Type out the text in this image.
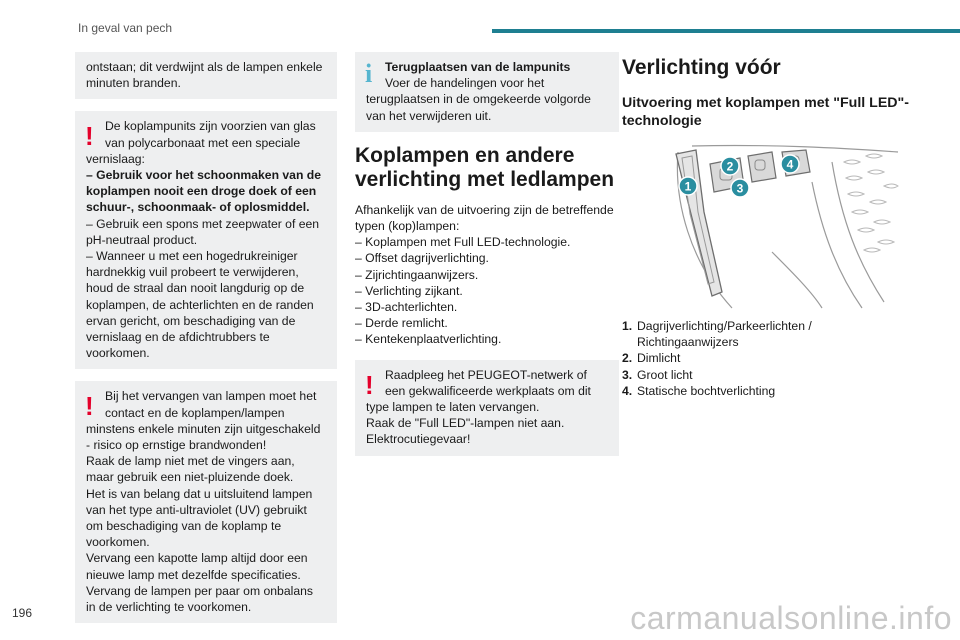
In geval van pech

ontstaan; dit verdwijnt als de lampen enkele minuten branden.

! De koplampunits zijn voorzien van glas

van polycarbonaat met een speciale

vernislaag:

– Gebruik voor het schoonmaken van de koplampen nooit een droge doek of een schuur-, schoonmaak- of oplosmiddel.

– Gebruik een spons met zeepwater of een pH-neutraal product.

– Wanneer u met een hogedrukreiniger hardnekkig vuil probeert te verwijderen, houd de straal dan nooit langdurig op de koplampen, de achterlichten en de randen ervan gericht, om beschadiging van de vernislaag en de afdichtrubbers te voorkomen.

! Bij het vervangen van lampen moet het

contact en de koplampen/lampen

minstens enkele minuten zijn uitgeschakeld - risico op ernstige brandwonden!

Raak de lamp niet met de vingers aan, maar gebruik een niet-pluizende doek.

Het is van belang dat u uitsluitend lampen van het type anti-ultraviolet (UV) gebruikt om beschadiging van de koplamp te voorkomen.

Vervang een kapotte lamp altijd door een nieuwe lamp met dezelfde specificaties.

Vervang de lampen per paar om onbalans in de verlichting te voorkomen.

i	Terugplaatsen van de lampunits

Voer de handelingen voor het

terugplaatsen in de omgekeerde volgorde van het verwijderen uit.

Koplampen en andere verlichting met ledlampen

Afhankelijk van de uitvoering zijn de betreffende typen (kop)lampen:

– Koplampen met Full LED-technologie.

– Offset dagrijverlichting.

– Zijrichtingaanwijzers.

– Verlichting zijkant.

– 3D-achterlichten.

– Derde remlicht.

– Kentekenplaatverlichting.

! Raadpleeg het PEUGEOT-netwerk of

een gekwalificeerde werkplaats om dit

type lampen te laten vervangen.

Raak de "Full LED"-lampen niet aan. Elektrocutiegevaar!

Verlichting vóór
Uitvoering met koplampen met "Full LED"-technologie
1
2
3
4
1. Dagrijverlichting/Parkeerlichten / Richtingaanwijzers
2. Dimlicht
3. Groot licht
4. Statische bochtverlichting
196	carmanualsonline.info
